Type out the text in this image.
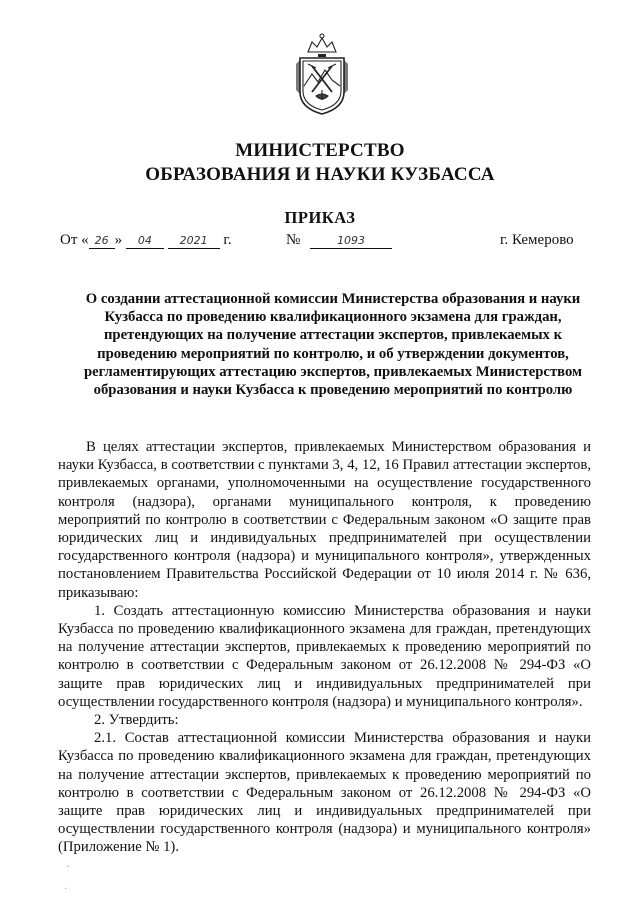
МИНИСТЕРСТВО
ОБРАЗОВАНИЯ И НАУКИ КУЗБАССА
ПРИКАЗ
От « 26 » 04	2021 г.	№	1093	г. Кемерово
О создании аттестационной комиссии Министерства образования и науки
Кузбасса по проведению квалификационного экзамена для граждан,
претендующих на получение аттестации экспертов, привлекаемых к
проведению мероприятий по контролю, и об утверждении документов,
регламентирующих аттестацию экспертов, привлекаемых Министерством
образования и науки Кузбасса к проведению мероприятий по контролю

В целях аттестации экспертов, привлекаемых Министерством образования и науки Кузбасса, в соответствии с пунктами 3, 4, 12, 16 Правил аттестации экспертов, привлекаемых органами, уполномоченными на осуществление государственного контроля (надзора), органами муниципального контроля, к проведению мероприятий по контролю в соответствии с Федеральным законом «О защите прав юридических лиц и индивидуальных предпринимателей при осуществлении государственного контроля (надзора) и муниципального контроля», утвержденных постановлением Правительства Российской Федерации от 10 июля 2014 г. № 636, приказываю:

1. Создать аттестационную комиссию Министерства образования и науки Кузбасса по проведению квалификационного экзамена для граждан, претендующих на получение аттестации экспертов, привлекаемых к проведению мероприятий по контролю в соответствии с Федеральным законом от 26.12.2008 № 294-ФЗ «О защите прав юридических лиц и индивидуальных предпринимателей при осуществлении государственного контроля (надзора) и муниципального контроля».

2. Утвердить:

2.1. Состав аттестационной комиссии Министерства образования и науки Кузбасса по проведению квалификационного экзамена для граждан, претендующих на получение аттестации экспертов, привлекаемых к проведению мероприятий по контролю в соответствии с Федеральным законом от 26.12.2008 № 294-ФЗ «О защите прав юридических лиц и индивидуальных предпринимателей при осуществлении государственного контроля (надзора) и муниципального контроля» (Приложение № 1).

·
·
